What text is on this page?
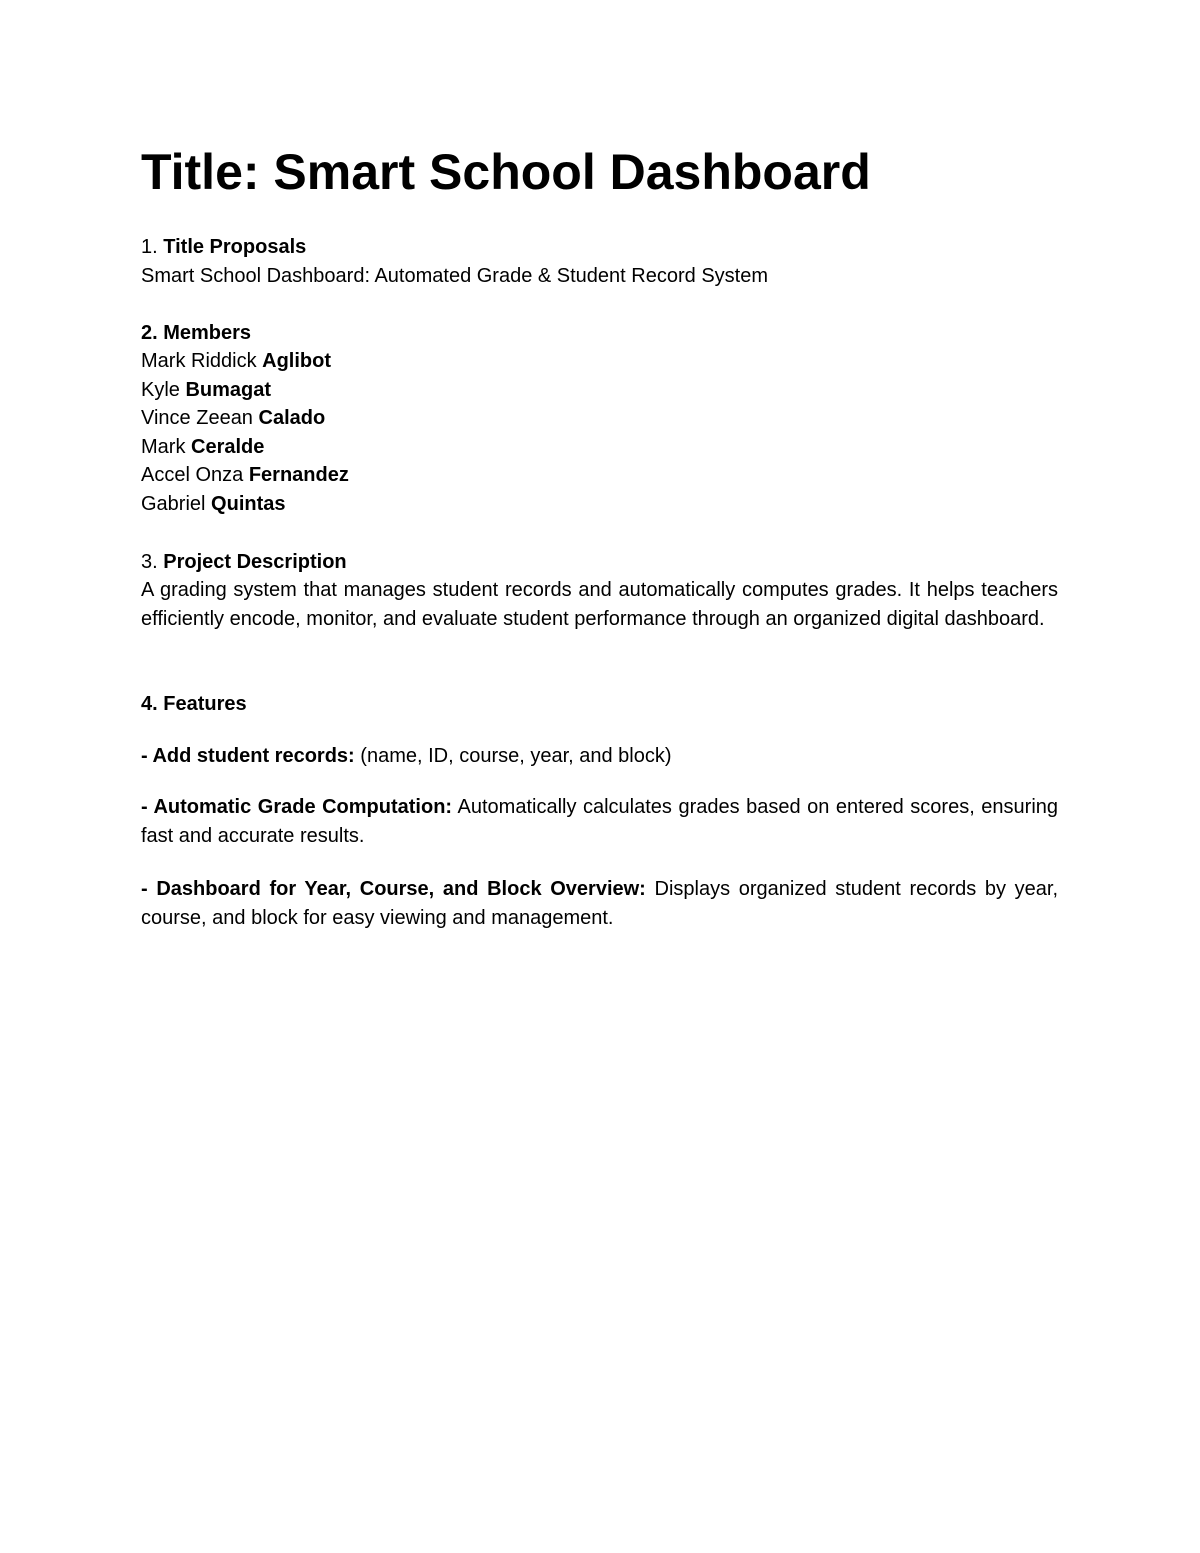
Title: Smart School Dashboard
1. Title Proposals
Smart School Dashboard: Automated Grade & Student Record System
2. Members
Mark Riddick Aglibot
Kyle Bumagat
Vince Zeean Calado
Mark Ceralde
Accel Onza Fernandez
Gabriel Quintas
3. Project Description
A grading system that manages student records and automatically computes grades. It helps teachers efficiently encode, monitor, and evaluate student performance through an organized digital dashboard.
4. Features
- Add student records: (name, ID, course, year, and block)
- Automatic Grade Computation: Automatically calculates grades based on entered scores, ensuring fast and accurate results.
- Dashboard for Year, Course, and Block Overview: Displays organized student records by year, course, and block for easy viewing and management.
